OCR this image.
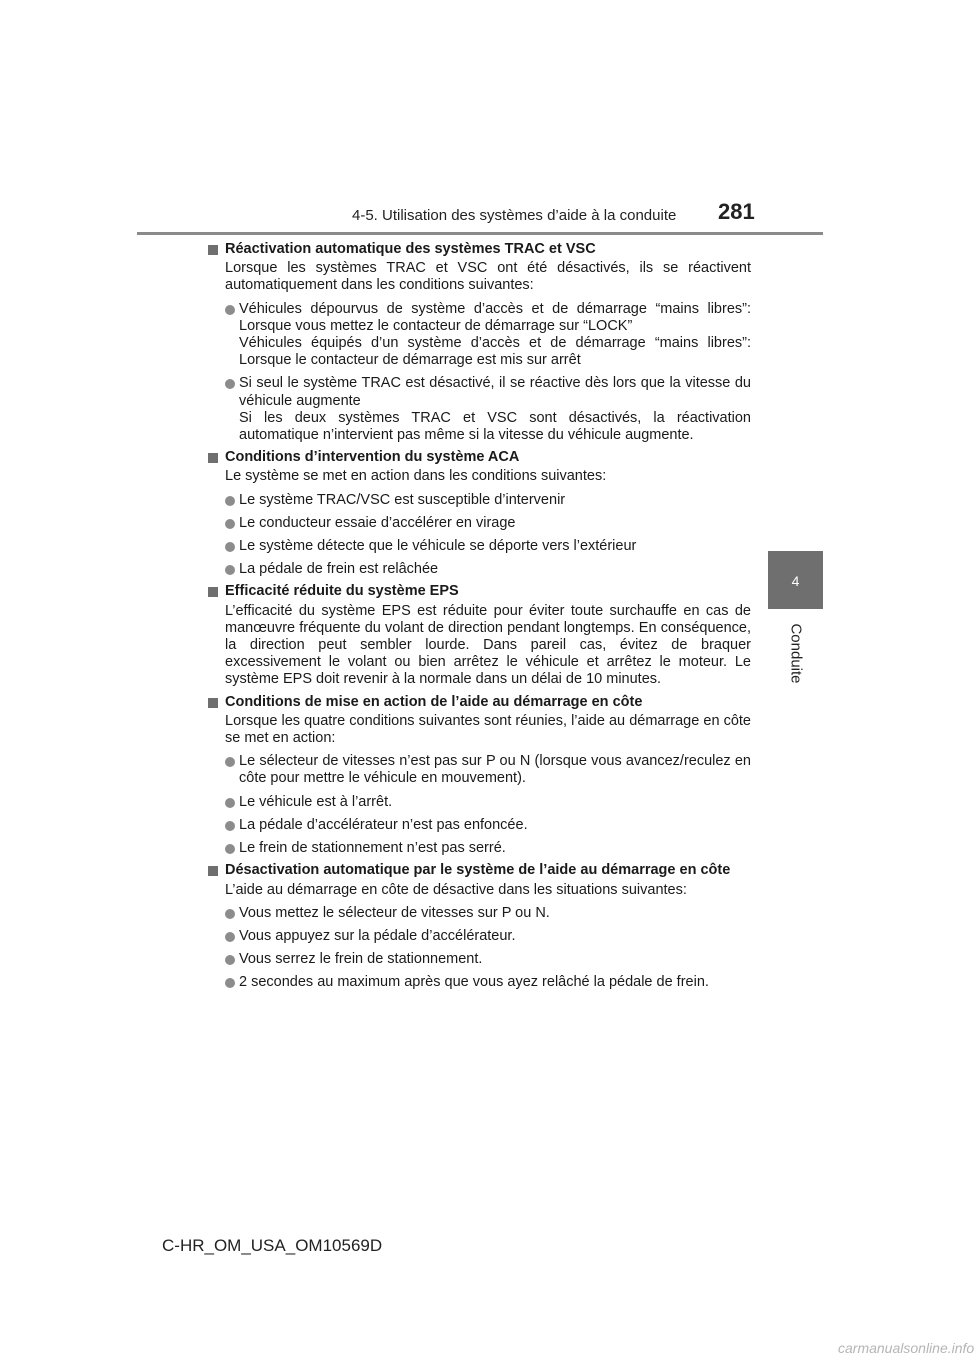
4-5. Utilisation des systèmes d’aide à la conduite 281
4
Conduite
Réactivation automatique des systèmes TRAC et VSC
Lorsque les systèmes TRAC et VSC ont été désactivés, ils se réactivent automatiquement dans les conditions suivantes:
Véhicules dépourvus de système d’accès et de démarrage “mains libres”: Lorsque vous mettez le contacteur de démarrage sur “LOCK”
Véhicules équipés d’un système d’accès et de démarrage “mains libres”: Lorsque le contacteur de démarrage est mis sur arrêt
Si seul le système TRAC est désactivé, il se réactive dès lors que la vitesse du véhicule augmente
Si les deux systèmes TRAC et VSC sont désactivés, la réactivation automatique n’intervient pas même si la vitesse du véhicule augmente.
Conditions d’intervention du système ACA
Le système se met en action dans les conditions suivantes:
Le système TRAC/VSC est susceptible d’intervenir
Le conducteur essaie d’accélérer en virage
Le système détecte que le véhicule se déporte vers l’extérieur
La pédale de frein est relâchée
Efficacité réduite du système EPS
L’efficacité du système EPS est réduite pour éviter toute surchauffe en cas de manœuvre fréquente du volant de direction pendant longtemps. En conséquence, la direction peut sembler lourde. Dans pareil cas, évitez de braquer excessivement le volant ou bien arrêtez le véhicule et arrêtez le moteur. Le système EPS doit revenir à la normale dans un délai de 10 minutes.
Conditions de mise en action de l’aide au démarrage en côte
Lorsque les quatre conditions suivantes sont réunies, l’aide au démarrage en côte se met en action:
Le sélecteur de vitesses n’est pas sur P ou N (lorsque vous avancez/reculez en côte pour mettre le véhicule en mouvement).
Le véhicule est à l’arrêt.
La pédale d’accélérateur n’est pas enfoncée.
Le frein de stationnement n’est pas serré.
Désactivation automatique par le système de l’aide au démarrage en côte
L’aide au démarrage en côte de désactive dans les situations suivantes:
Vous mettez le sélecteur de vitesses sur P ou N.
Vous appuyez sur la pédale d’accélérateur.
Vous serrez le frein de stationnement.
2 secondes au maximum après que vous ayez relâché la pédale de frein.
C-HR_OM_USA_OM10569D
carmanualsonline.info
